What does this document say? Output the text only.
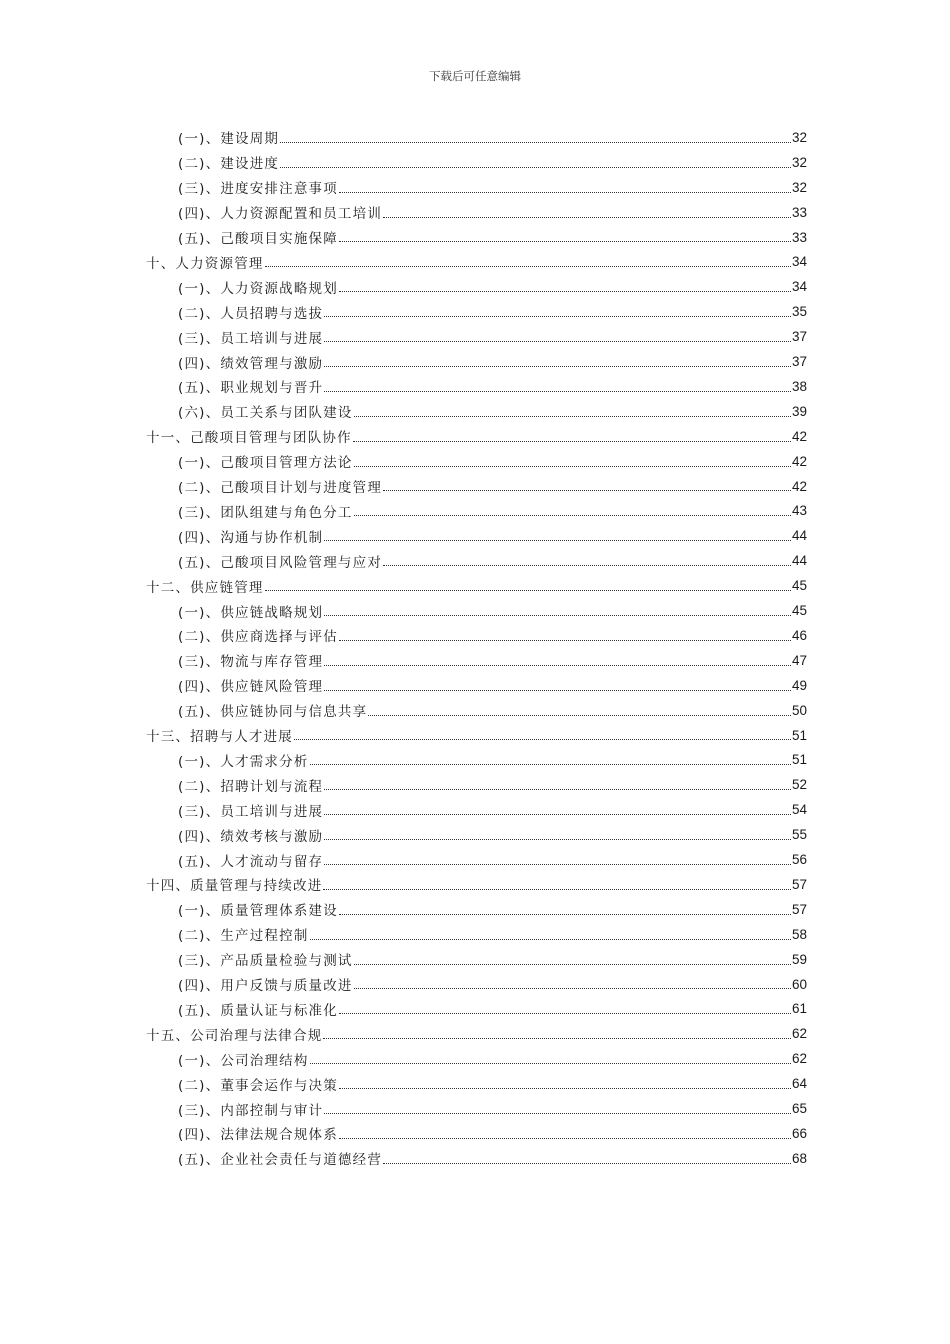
下载后可任意编辑
(一)、建设周期	32
(二)、建设进度	32
(三)、进度安排注意事项	32
(四)、人力资源配置和员工培训	33
(五)、己酸项目实施保障	33
十、人力资源管理	34
(一)、人力资源战略规划	34
(二)、人员招聘与选拔	35
(三)、员工培训与进展	37
(四)、绩效管理与激励	37
(五)、职业规划与晋升	38
(六)、员工关系与团队建设	39
十一、己酸项目管理与团队协作	42
(一)、己酸项目管理方法论	42
(二)、己酸项目计划与进度管理	42
(三)、团队组建与角色分工	43
(四)、沟通与协作机制	44
(五)、己酸项目风险管理与应对	44
十二、供应链管理	45
(一)、供应链战略规划	45
(二)、供应商选择与评估	46
(三)、物流与库存管理	47
(四)、供应链风险管理	49
(五)、供应链协同与信息共享	50
十三、招聘与人才进展	51
(一)、人才需求分析	51
(二)、招聘计划与流程	52
(三)、员工培训与进展	54
(四)、绩效考核与激励	55
(五)、人才流动与留存	56
十四、质量管理与持续改进	57
(一)、质量管理体系建设	57
(二)、生产过程控制	58
(三)、产品质量检验与测试	59
(四)、用户反馈与质量改进	60
(五)、质量认证与标准化	61
十五、公司治理与法律合规	62
(一)、公司治理结构	62
(二)、董事会运作与决策	64
(三)、内部控制与审计	65
(四)、法律法规合规体系	66
(五)、企业社会责任与道德经营	68
